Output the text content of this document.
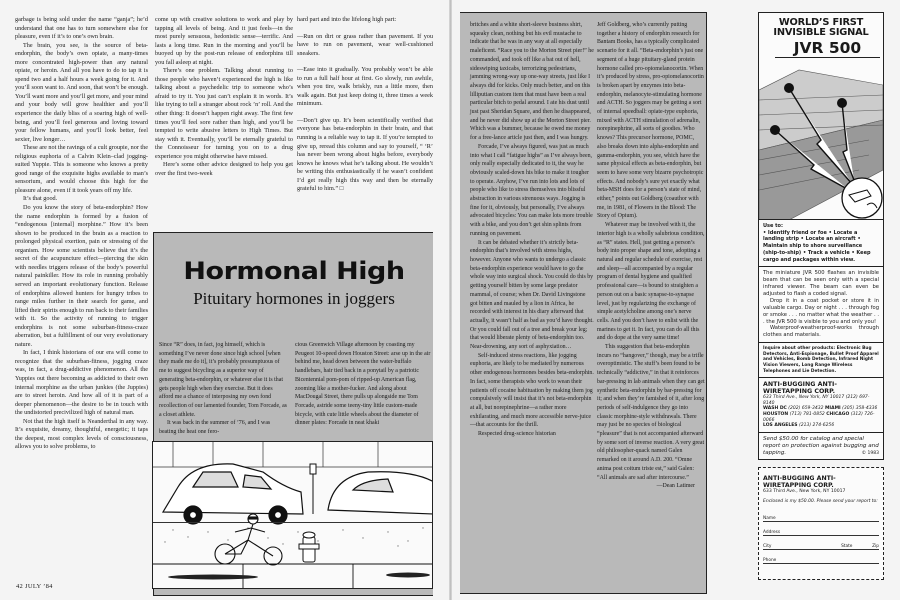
garbage is being sold under the name “ganja”; he’d understand that one has to turn somewhere else for pleasure, even if it’s to one’s own brain.

The brain, you see, is the source of beta-endorphin, the body’s own opiate, a many-times more concentrated high-power than any natural opiate, or heroin. And all you have to do to tap it is spend two and a half hours a week going for it. And you’ll soon want to. And soon, that won’t be enough. You’ll want more and you’ll get more, and your mind and your body will grow healthier and you’ll experience the daily bliss of a soaring high of well-being, and you’ll feel generous and loving toward your fellow humans, and you’ll look better, feel sexier, live longer…

These are not the ravings of a cult groupie, nor the religious euphoria of a Calvin Klein–clad jogging-suited Yuppie. This is someone who knows a pretty good range of the exquisite highs available to man’s sensorium, and would choose this high for the pleasure alone, even if it took years off my life.

It’s that good.

Do you know the story of beta-endorphin? How the name endorphin is formed by a fusion of “endogenous [internal] morphine.” How it’s been shown to be produced in the brain as a reaction to prolonged physical exertion, pain or stressing of the organism. How some scientists believe that it’s the secret of the acupuncture effect—piercing the skin with needles triggers release of the body’s powerful natural painkiller. How its role in running probably served an important evolutionary function. Release of endorphins allowed hunters for hungry tribes to range miles further in their search for game, and lifted their spirits enough to run back to their families with it. So the activity of running to trigger endorphins is not some suburban-fitness-craze aberration, but a fulfillment of our very evolutionary nature.

In fact, I think historians of our era will come to recognize that the suburban-fitness, jogging craze was, in fact, a drug-addictive phenomenon. All the Yuppies out there becoming as addicted to their own internal morphine as the urban junkies (the Juppies) are to street heroin. And how all of it is part of a deeper phenomenon—the desire to be in touch with the undistorted precivilized high of natural man.

Not that the high itself is Neanderthal in any way. It’s exquisite, dreamy, thoughtful, energetic; it taps the deepest, most complex levels of consciousness, allows you to solve problems, to

come up with creative solutions to work and play by tapping all levels of being. And it just feels—in the most purely sensuous, hedonistic sense—terrific. And lasts a long time. Run in the morning and you’ll be buoyed up by the post-run release of endorphins till you fall asleep at night.

There’s one problem. Talking about running to those people who haven’t experienced the high is like talking about a psychedelic trip to someone who’s afraid to try it. You just can’t explain it in words. It’s like trying to tell a stranger about rock ’n’ roll. And the other thing: It doesn’t happen right away. The first few times you’ll feel sore rather than high, and you’ll be tempted to write abusive letters to High Times. But stay with it. Eventually, you’ll be eternally grateful to the Connoisseur for turning you on to a drug experience you might otherwise have missed.

Here’s some other advice designed to help you get over the first two-week

hard part and into the lifelong high part:

—Run on dirt or grass rather than pavement. If you have to run on pavement, wear well-cushioned sneakers.

—Ease into it gradually. You probably won’t be able to run a full half hour at first. Go slowly, run awhile, when you tire, walk briskly, run a little more, then walk again. But just keep doing it, three times a week minimum.

—Don’t give up. It’s been scientifically verified that everyone has beta-endorphin in their brain, and that running is a reliable way to tap it. If you’re tempted to give up, reread this column and say to yourself, “ ‘R’ has never been wrong about highs before, everybody knows he knows what he’s talking about. He wouldn’t be writing this enthusiastically if he wasn’t confident I’d get really high this way and then be eternally grateful to him.” □

Hormonal High
Pituitary hormones in joggers

Since “R” does, in fact, jog himself, which is something I’ve never done since high school [when they made me do it], it’s probably presumptuous of me to suggest bicycling as a superior way of generating beta-endorphin, or whatever else it is that gets people high when they exercise. But it does afford me a chance of interposing my own fond recollection of our lamented founder, Tom Forcade, as a closet athlete.

It was back in the summer of ’76, and I was beating the heat one fero-

cious Greenwich Village afternoon by coasting my Peugeot 10-speed down Houston Street: arse up in the air behind me, head down between the water-buffalo handlebars, hair tied back in a ponytail by a patriotic Bicentennial pom-pom of ripped-up American flag, zooming like a mother-fucker. And along about MacDougal Street, there pulls up alongside me Tom Forcade, astride some teeny-tiny little custom-made bicycle, with cute little wheels about the diameter of dinner plates: Forcade in neat khaki

42 JULY ’84

britches and a white short-sleeve business shirt, squeaky clean, nothing but his evil mustache to indicate that he was in any way at all especially maleficent. “Race you to the Morton Street pier!” he commanded, and took off like a bat out of hell, sideswiping taxicabs, terrorizing pedestrians, jamming wrong-way up one-way streets, just like I always did for kicks. Only much better, and on this lilliputian custom item that must have been a real particular bitch to pedal around. I ate his dust until just past Sheridan Square, and then he disappeared, and he never did show up at the Morton Street pier. Which was a bummer, because he owed me money for a free-lance article just then, and I was hungry.

Forcade, I’ve always figured, was just as much into what I call “fatigue highs” as I’ve always been, only really especially dedicated to it, the way he obviously scaled-down his bike to make it tougher to operate. Anyhow, I’ve run into lots and lots of people who like to stress themselves into blissful abstraction in various strenuous ways. Jogging is fine for it, obviously, but personally, I’ve always advocated bicycles: You can make lots more trouble with a bike, and you don’t get shin splints from running on pavement.

It can be debated whether it’s strictly beta-endorphin that’s involved with stress highs, however. Anyone who wants to undergo a classic beta-endorphin experience would have to go the whole way into surgical shock. You could do this by getting yourself bitten by some large predator mammal, of course; when Dr. David Livingstone got bitten and mauled by a lion in Africa, he recorded with interest in his diary afterward that actually, it wasn’t half as bad as you’d have thought. Or you could fall out of a tree and break your leg; that would liberate plenty of beta-endorphin too. Near-drowning, any sort of asphyxiation…

Self-induced stress reactions, like jogging euphoria, are likely to be mediated by numerous other endogenous hormones besides beta-endorphin. In fact, some therapists who work to wean their patients off cocaine habituation by making them jog compulsively will insist that it’s not beta-endorphin at all, but norepinephrine—a rather more exhilarating, and much more accessible nerve-juice—that accounts for the thrill.

Respected drug-science historian

Jeff Goldberg, who’s currently putting together a history of endorphin research for Bantam Books, has a typically complicated scenario for it all. “Beta-endorphin’s just one segment of a huge pituitary-gland protein hormone called pro-opiomelanocortin. When it’s produced by stress, pro-opiomelanocortin is broken apart by enzymes into beta-endorphin, melanocyte-stimulating hormone and ACTH. So joggers may be getting a sort of internal speedball: opiate-type euphoria, mixed with ACTH stimulation of adrenalin, norepinephrine, all sorts of goodies. Who knows? This precursor hormone, POMC, also breaks down into alpha-endorphin and gamma-endorphin, you see, which have the same physical effects as beta-endorphin, but seem to have some very bizarre psychotropic effects. And nobody’s sure yet exactly what beta-MSH does for a person’s state of mind, either,” points out Goldberg (coauthor with me, in 1981, of Flowers in the Blood: The Story of Opium).

Whatever may be involved with it, the interior high is a wholly salubrious condition, as “R” states. Hell, just getting a person’s body into proper shape and tone, adopting a natural and regular schedule of exercise, rest and sleep—all accompanied by a regular program of dental hygiene and qualified professional care—is bound to straighten a person out on a basic synapse-to-synapse level, just by regularizing the exchange of simple acetylcholine among one’s nerve cells. And you don’t have to enlist with the marines to get it. In fact, you can do all this and do dope at the very same time!

This suggestion that beta-endorphin incurs no “hangover,” though, may be a trifle overoptimistic. The stuff’s been found to be technically “addictive,” in that it reinforces bar-pressing in lab animals when they can get synthetic beta-endorphin by bar-pressing for it; and when they’re famished of it, after long periods of self-indulgence they go into classic morphine-style withdrawals. There may just be no species of biological “pleasure” that is not accompanied afterward by some sort of inverse reaction. A very great old philosopher-quack named Galen remarked on it around A.D. 200. “Omne anima post coitum triste est,” said Galen: “All animals are sad after intercourse.”

—Dean Latimer

WORLD’S FIRST
INVISIBLE SIGNAL
JVR 500
Use to:
• Identify friend or foe • Locate a landing strip • Locate an aircraft • Maintain ship to shore surveillance (ship-to-ship) • Track a vehicle • Keep cargo and packages within view.

The miniature JVR 500 flashes an invisible beam that can be seen only with a special infrared viewer. The beam can even be adjusted to flash a coded signal.

Drop it in a coat pocket or store it in valuable cargo. Day or night . . . through fog or smoke . . . no matter what the weather . . . the JVR 500 is visible to you and only you!

Waterproof-weatherproof-works through clothes and materials.

Inquire about other products: Electronic Bug Detectors, Anti-Espionage, Bullet Proof Apparel and Vehicles, Bomb Detection, Infrared Night Vision Viewers, Long Range Wireless Telephones and Lie Detection.
ANTI-BUGGING ANTI-WIRETAPPING CORP.
633 Third Ave., New York, NY 10017 (212) 697-8140
WASH DC (202) 659-3432 MIAMI (305) 358-4336
HOUSTON (713) 781-0852 CHICAGO (312) 726-0066
LOS ANGELES (213) 274-6256
Send $50.00 for catalog and special report on protection against bugging and tapping.	© 1983
ANTI-BUGGING ANTI-WIRETAPPING CORP.
633 Third Ave., New York, NY 10017
Enclosed is my $50.00. Please send your report to:
Name
Address
City	State	Zip
Phone
